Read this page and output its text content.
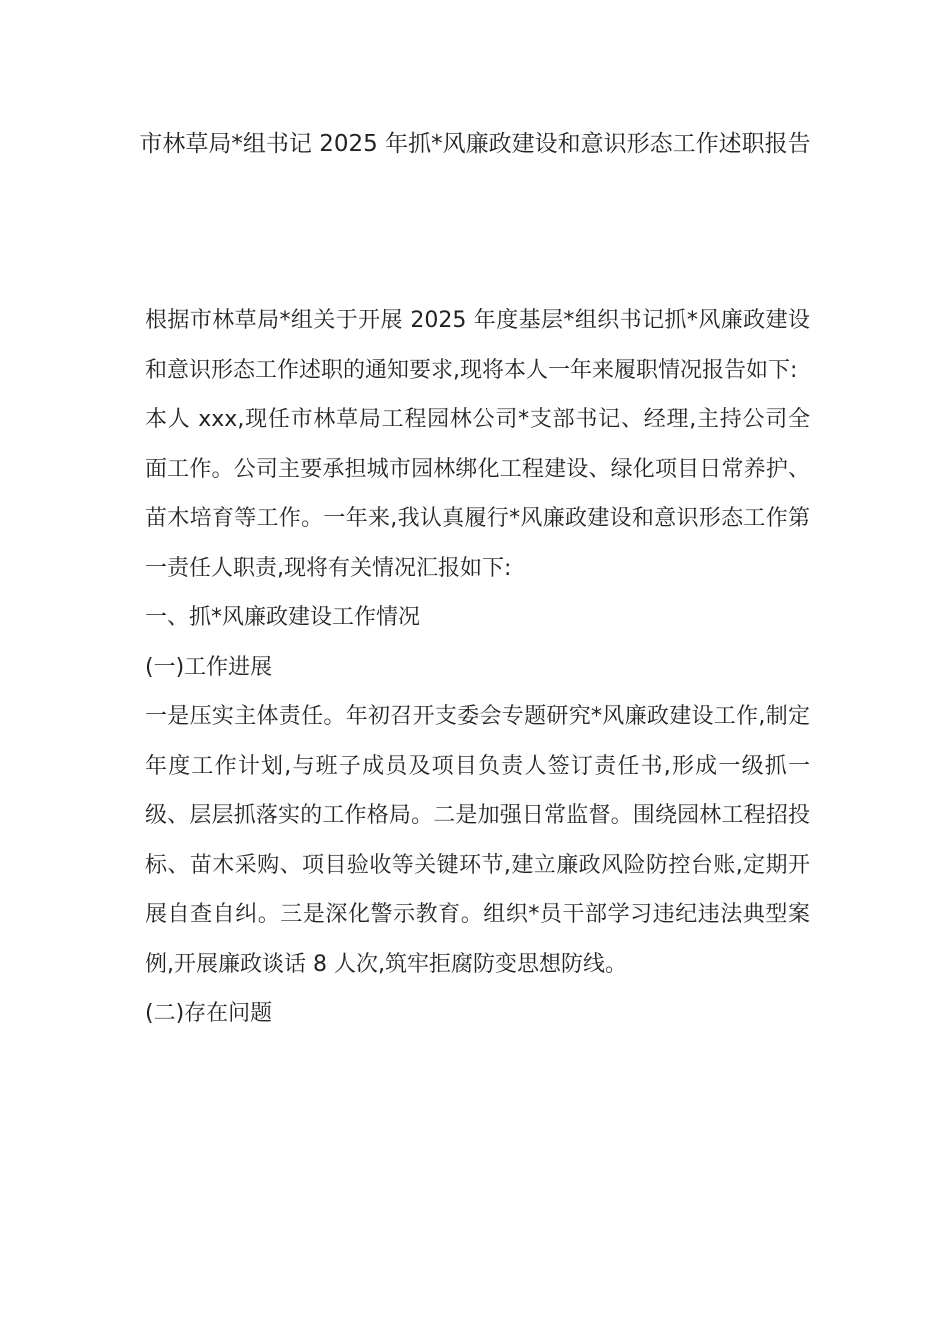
市林草局*组书记 2025 年抓*风廉政建设和意识形态工作述职报告

根据市林草局*组关于开展 2025 年度基层*组织书记抓*风廉政建设和意识形态工作述职的通知要求,现将本人一年来履职情况报告如下:

本人 xxx,现任市林草局工程园林公司*支部书记、经理,主持公司全面工作。公司主要承担城市园林绑化工程建设、绿化项目日常养护、苗木培育等工作。一年来,我认真履行*风廉政建设和意识形态工作第一责任人职责,现将有关情况汇报如下:

一、抓*风廉政建设工作情况

(一)工作进展

一是压实主体责任。年初召开支委会专题研究*风廉政建设工作,制定年度工作计划,与班子成员及项目负责人签订责任书,形成一级抓一级、层层抓落实的工作格局。二是加强日常监督。围绕园林工程招投标、苗木采购、项目验收等关键环节,建立廉政风险防控台账,定期开展自查自纠。三是深化警示教育。组织*员干部学习违纪违法典型案例,开展廉政谈话 8 人次,筑牢拒腐防变思想防线。

(二)存在问题
